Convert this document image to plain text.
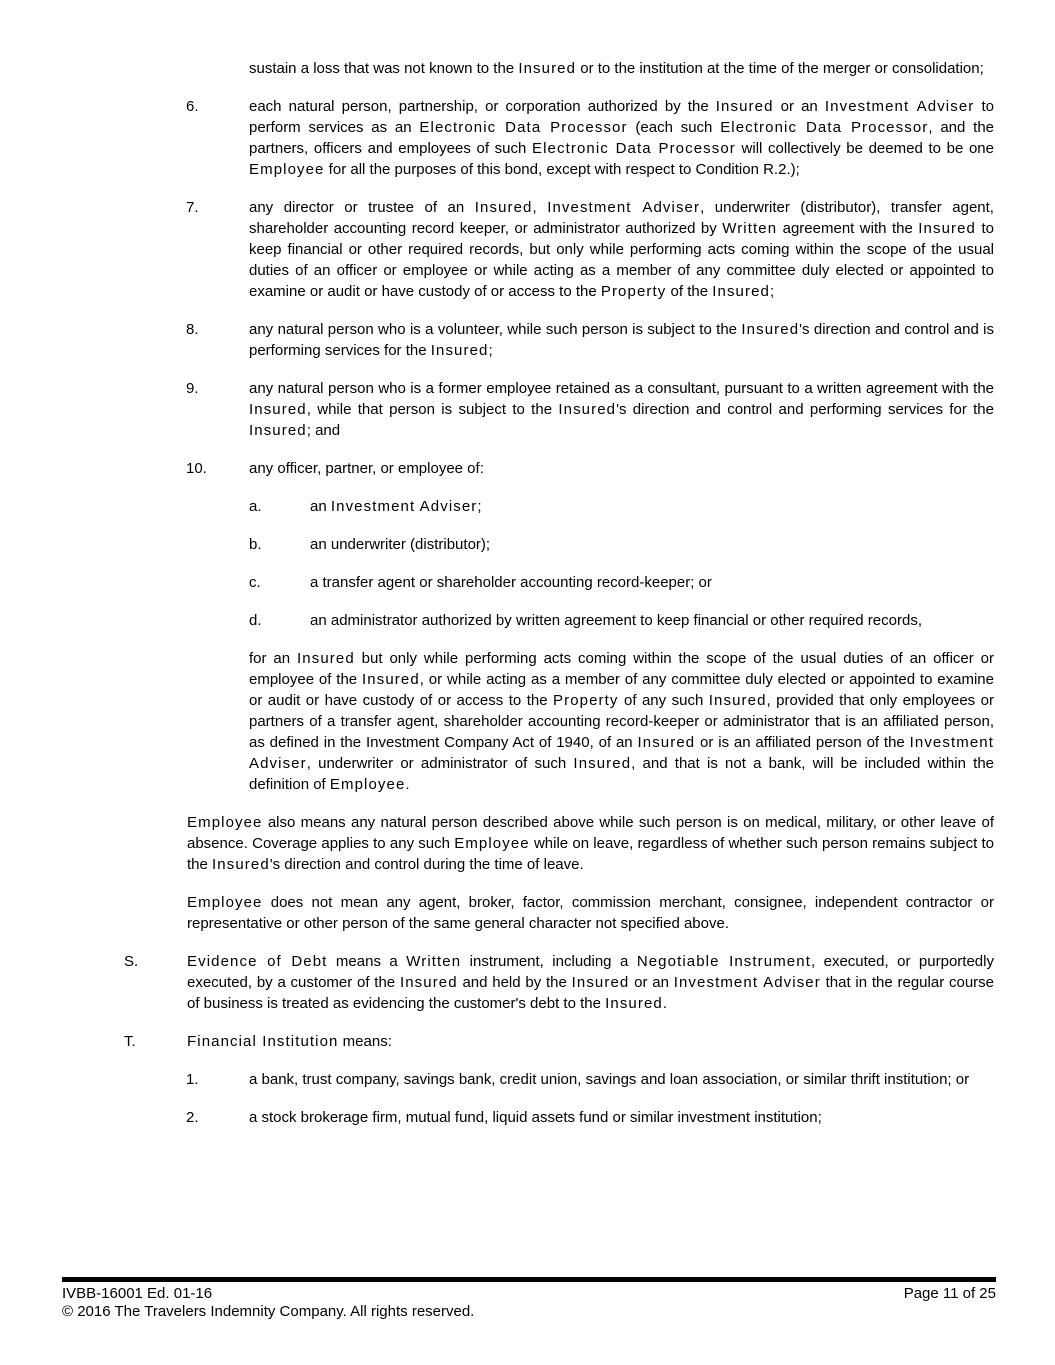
sustain a loss that was not known to the Insured or to the institution at the time of the merger or consolidation;
6.	each natural person, partnership, or corporation authorized by the Insured or an Investment Adviser to perform services as an Electronic Data Processor (each such Electronic Data Processor, and the partners, officers and employees of such Electronic Data Processor will collectively be deemed to be one Employee for all the purposes of this bond, except with respect to Condition R.2.);
7.	any director or trustee of an Insured, Investment Adviser, underwriter (distributor), transfer agent, shareholder accounting record keeper, or administrator authorized by Written agreement with the Insured to keep financial or other required records, but only while performing acts coming within the scope of the usual duties of an officer or employee or while acting as a member of any committee duly elected or appointed to examine or audit or have custody of or access to the Property of the Insured;
8.	any natural person who is a volunteer, while such person is subject to the Insured's direction and control and is performing services for the Insured;
9.	any natural person who is a former employee retained as a consultant, pursuant to a written agreement with the Insured, while that person is subject to the Insured's direction and control and performing services for the Insured; and
10.	any officer, partner, or employee of:
a.	an Investment Adviser;
b.	an underwriter (distributor);
c.	a transfer agent or shareholder accounting record-keeper; or
d.	an administrator authorized by written agreement to keep financial or other required records,
for an Insured but only while performing acts coming within the scope of the usual duties of an officer or employee of the Insured, or while acting as a member of any committee duly elected or appointed to examine or audit or have custody of or access to the Property of any such Insured, provided that only employees or partners of a transfer agent, shareholder accounting record-keeper or administrator that is an affiliated person, as defined in the Investment Company Act of 1940, of an Insured or is an affiliated person of the Investment Adviser, underwriter or administrator of such Insured, and that is not a bank, will be included within the definition of Employee.
Employee also means any natural person described above while such person is on medical, military, or other leave of absence. Coverage applies to any such Employee while on leave, regardless of whether such person remains subject to the Insured's direction and control during the time of leave.
Employee does not mean any agent, broker, factor, commission merchant, consignee, independent contractor or representative or other person of the same general character not specified above.
S.	Evidence of Debt means a Written instrument, including a Negotiable Instrument, executed, or purportedly executed, by a customer of the Insured and held by the Insured or an Investment Adviser that in the regular course of business is treated as evidencing the customer's debt to the Insured.
T.	Financial Institution means:
1.	a bank, trust company, savings bank, credit union, savings and loan association, or similar thrift institution; or
2.	a stock brokerage firm, mutual fund, liquid assets fund or similar investment institution;
IVBB-16001 Ed. 01-16	Page 11 of 25
© 2016 The Travelers Indemnity Company. All rights reserved.
